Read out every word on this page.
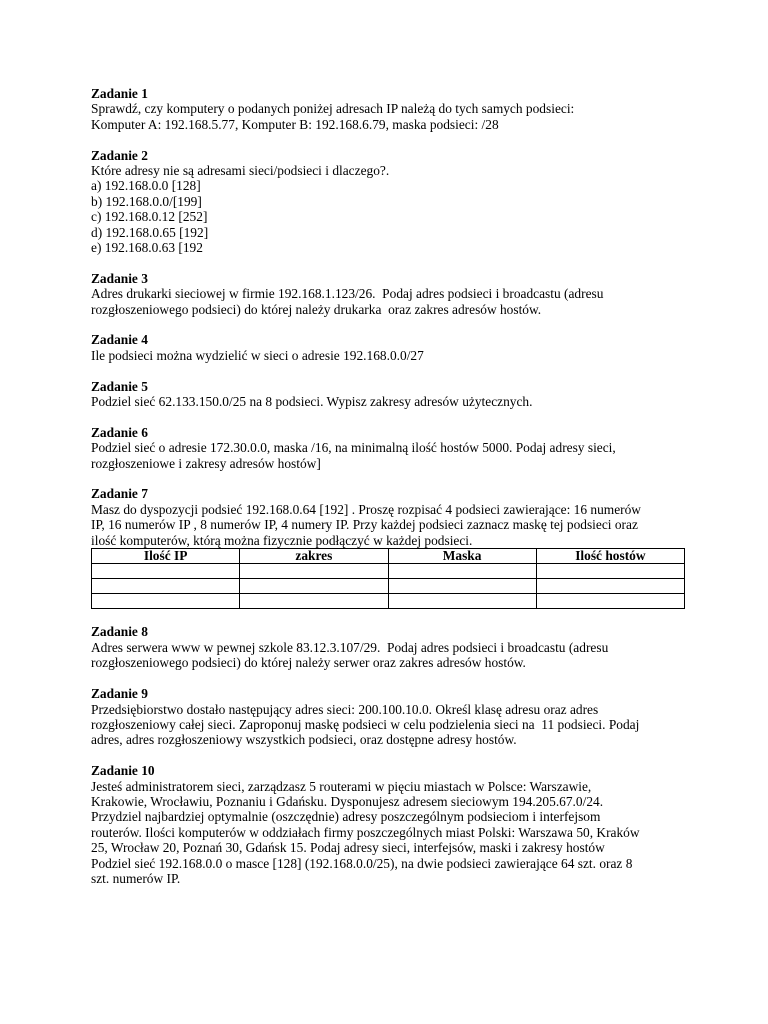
Zadanie 1
Sprawdź, czy komputery o podanych poniżej adresach IP należą do tych samych podsieci:
Komputer A: 192.168.5.77, Komputer B: 192.168.6.79, maska podsieci: /28
Zadanie 2
Które adresy nie są adresami sieci/podsieci i dlaczego?.
a) 192.168.0.0 [128]
b) 192.168.0.0/[199]
c) 192.168.0.12 [252]
d) 192.168.0.65 [192]
e) 192.168.0.63 [192
Zadanie 3
Adres drukarki sieciowej w firmie 192.168.1.123/26.  Podaj adres podsieci i broadcastu (adresu
rozgłoszeniowego podsieci) do której należy drukarka  oraz zakres adresów hostów.
Zadanie 4
Ile podsieci można wydzielić w sieci o adresie 192.168.0.0/27
Zadanie 5
Podziel sieć 62.133.150.0/25 na 8 podsieci. Wypisz zakresy adresów użytecznych.
Zadanie 6
Podziel sieć o adresie 172.30.0.0, maska /16, na minimalną ilość hostów 5000. Podaj adresy sieci,
rozgłoszeniowe i zakresy adresów hostów]
Zadanie 7
Masz do dyspozycji podsieć 192.168.0.64 [192] . Proszę rozpisać 4 podsieci zawierające: 16 numerów
IP, 16 numerów IP , 8 numerów IP, 4 numery IP. Przy każdej podsieci zaznacz maskę tej podsieci oraz
ilość komputerów, którą można fizycznie podłączyć w każdej podsieci.
Ilość IP	zakres	Maska	Ilość hostów

Zadanie 8
Adres serwera www w pewnej szkole 83.12.3.107/29.  Podaj adres podsieci i broadcastu (adresu
rozgłoszeniowego podsieci) do której należy serwer oraz zakres adresów hostów.
Zadanie 9
Przedsiębiorstwo dostało następujący adres sieci: 200.100.10.0. Określ klasę adresu oraz adres
rozgłoszeniowy całej sieci. Zaproponuj maskę podsieci w celu podzielenia sieci na  11 podsieci. Podaj
adres, adres rozgłoszeniowy wszystkich podsieci, oraz dostępne adresy hostów.
Zadanie 10
Jesteś administratorem sieci, zarządzasz 5 routerami w pięciu miastach w Polsce: Warszawie,
Krakowie, Wrocławiu, Poznaniu i Gdańsku. Dysponujesz adresem sieciowym 194.205.67.0/24.
Przydziel najbardziej optymalnie (oszczędnie) adresy poszczególnym podsieciom i interfejsom
routerów. Ilości komputerów w oddziałach firmy poszczególnych miast Polski: Warszawa 50, Kraków
25, Wrocław 20, Poznań 30, Gdańsk 15. Podaj adresy sieci, interfejsów, maski i zakresy hostów
Podziel sieć 192.168.0.0 o masce [128] (192.168.0.0/25), na dwie podsieci zawierające 64 szt. oraz 8
szt. numerów IP.
